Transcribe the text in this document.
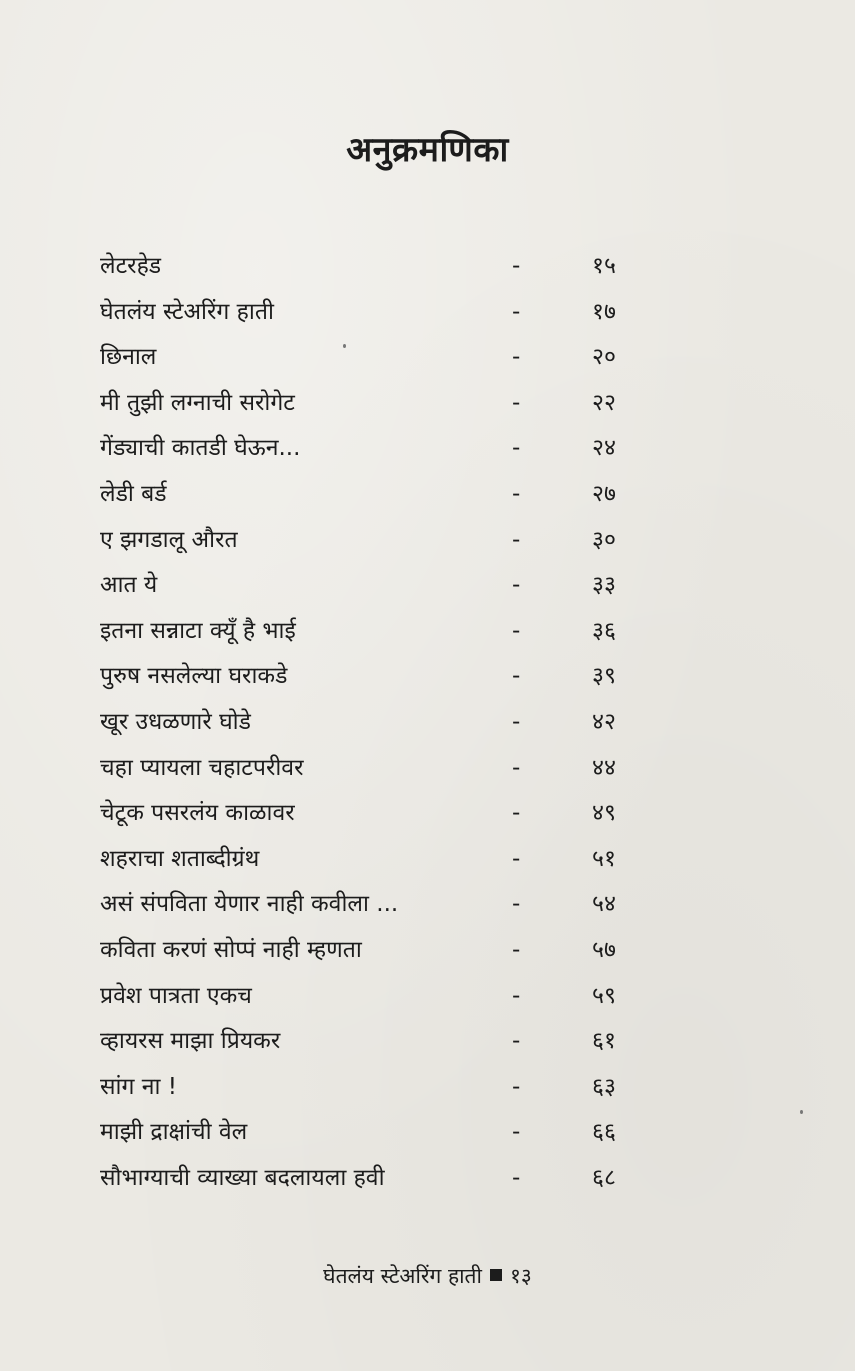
अनुक्रमणिका
लेटरहेड	-	१५
घेतलंय स्टेअरिंग हाती	-	१७
छिनाल	-	२०
मी तुझी लग्नाची सरोगेट	-	२२
गेंड्याची कातडी घेऊन...	-	२४
लेडी बर्ड	-	२७
ए झगडालू औरत	-	३०
आत ये	-	३३
इतना सन्नाटा क्यूँ है भाई	-	३६
पुरुष नसलेल्या घराकडे	-	३९
खूर उधळणारे घोडे	-	४२
चहा प्यायला चहाटपरीवर	-	४४
चेटूक पसरलंय काळावर	-	४९
शहराचा शताब्दीग्रंथ	-	५१
असं संपविता येणार नाही कवीला ...	-	५४
कविता करणं सोप्पं नाही म्हणता	-	५७
प्रवेश पात्रता एकच	-	५९
व्हायरस माझा प्रियकर	-	६१
सांग ना !	-	६३
माझी द्राक्षांची वेल	-	६६
सौभाग्याची व्याख्या बदलायला हवी	-	६८
घेतलंय स्टेअरिंग हाती १३
